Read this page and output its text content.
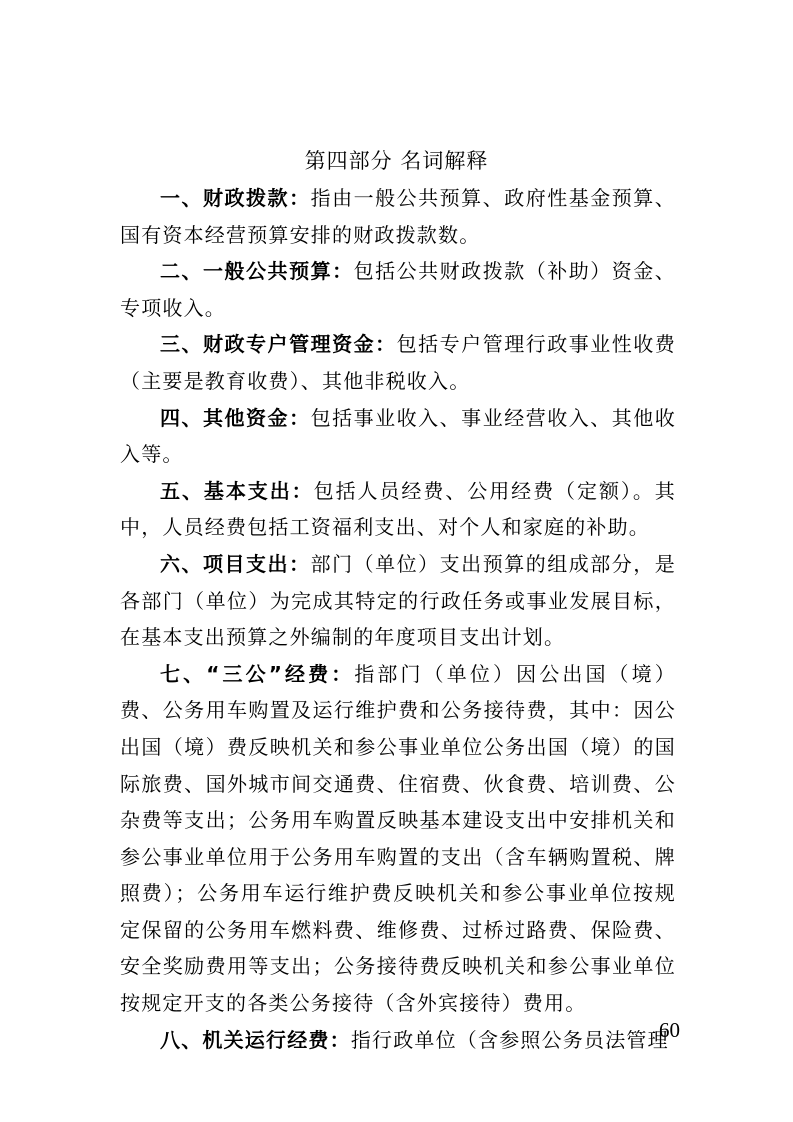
第四部分 名词解释

一、财政拨款：指由一般公共预算、政府性基金预算、国有资本经营预算安排的财政拨款数。

二、一般公共预算：包括公共财政拨款（补助）资金、专项收入。

三、财政专户管理资金：包括专户管理行政事业性收费（主要是教育收费）、其他非税收入。

四、其他资金：包括事业收入、事业经营收入、其他收入等。

五、基本支出：包括人员经费、公用经费（定额）。其中，人员经费包括工资福利支出、对个人和家庭的补助。

六、项目支出：部门（单位）支出预算的组成部分，是各部门（单位）为完成其特定的行政任务或事业发展目标，在基本支出预算之外编制的年度项目支出计划。

七、“三公”经费：指部门（单位）因公出国（境）费、公务用车购置及运行维护费和公务接待费，其中：因公出国（境）费反映机关和参公事业单位公务出国（境）的国际旅费、国外城市间交通费、住宿费、伙食费、培训费、公杂费等支出；公务用车购置反映基本建设支出中安排机关和参公事业单位用于公务用车购置的支出（含车辆购置税、牌照费）；公务用车运行维护费反映机关和参公事业单位按规定保留的公务用车燃料费、维修费、过桥过路费、保险费、安全奖励费用等支出；公务接待费反映机关和参公事业单位按规定开支的各类公务接待（含外宾接待）费用。

八、机关运行经费：指行政单位（含参照公务员法管理

60
